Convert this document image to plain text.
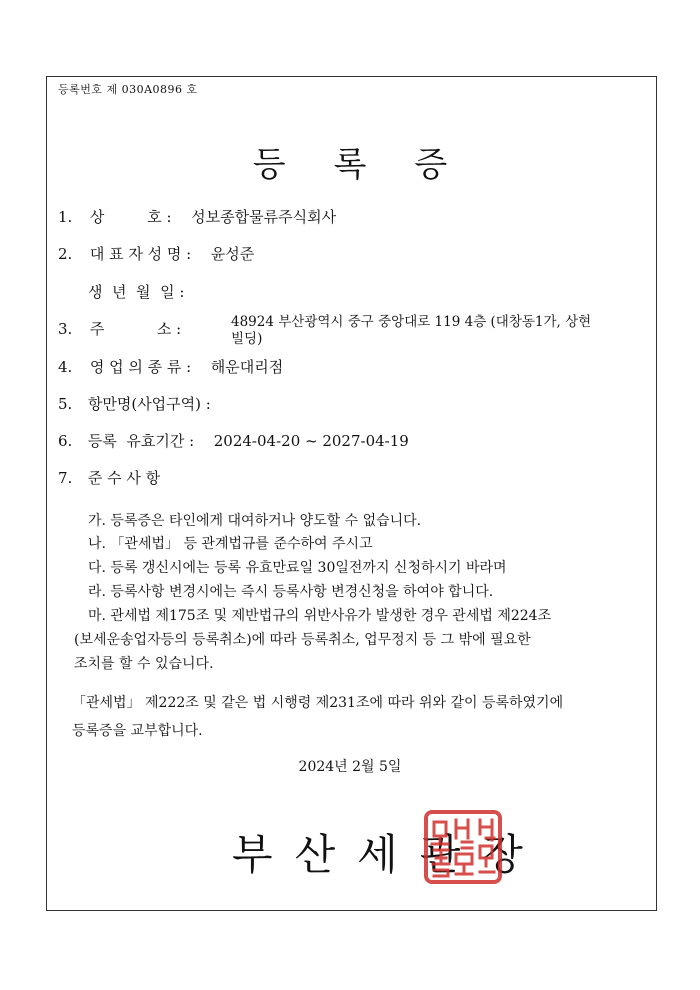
등록번호 제 030A0896 호
등록증
1. 상         호 : 성보종합물류주식회사
2. 대 표 자 성 명 : 윤성준
생  년  월  일 :
3. 주           소 :	48924 부산광역시 중구 중앙대로 119 4층 (대창동1가, 상현
빌딩)
4. 영 업 의 종 류 : 해운대리점
5. 항만명(사업구역) :
6. 등록  유효기간 : 2024-04-20 ~ 2027-04-19
7. 준 수 사 항
가. 등록증은 타인에게 대여하거나 양도할 수 없습니다.
나. 「관세법」 등 관계법규를 준수하여 주시고
다. 등록 갱신시에는 등록 유효만료일 30일전까지 신청하시기 바라며
라. 등록사항 변경시에는 즉시 등록사항 변경신청을 하여야 합니다.
마. 관세법 제175조 및 제반법규의 위반사유가 발생한 경우 관세법 제224조
(보세운송업자등의 등록취소)에 따라 등록취소, 업무정지 등 그 밖에 필요한
조치를 할 수 있습니다.
「관세법」 제222조 및 같은 법 시행령 제231조에 따라 위와 같이 등록하였기에
등록증을 교부합니다.
2024년 2월 5일
부산세관장
